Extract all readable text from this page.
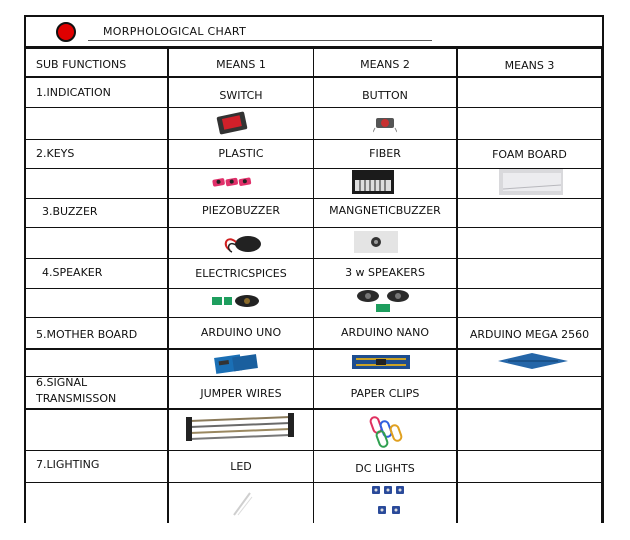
MORPHOLOGICAL CHART
SUB FUNCTIONS	MEANS 1	MEANS 2	MEANS 3
1.INDICATION	SWITCH	BUTTON
2.KEYS	PLASTIC	FIBER	FOAM BOARD
3.BUZZER	PIEZOBUZZER	MANGNETICBUZZER
4.SPEAKER	ELECTRICSPICES	3 w SPEAKERS
5.MOTHER BOARD	ARDUINO UNO	ARDUINO NANO	ARDUINO MEGA 2560
6.SIGNAL
TRANSMISSON	JUMPER WIRES	PAPER CLIPS
7.LIGHTING	LED	DC LIGHTS
